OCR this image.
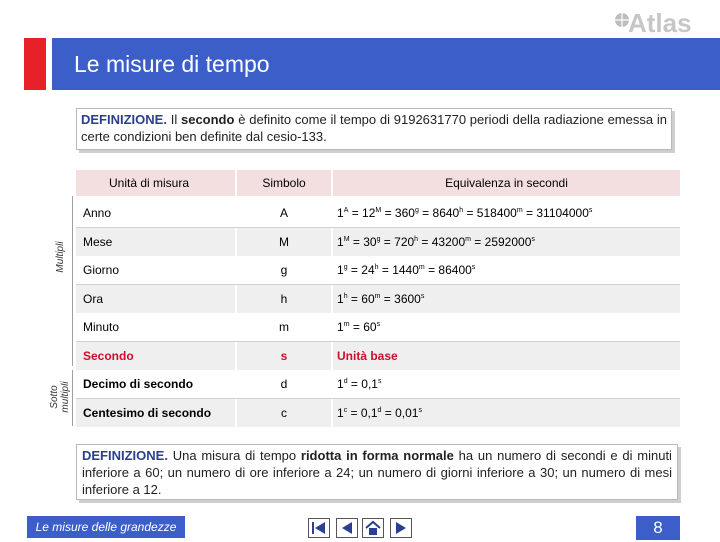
Atlas
Le misure di tempo
DEFINIZIONE. Il secondo è definito come il tempo di 9192631770 periodi della radiazione emessa in certe condizioni ben definite dal cesio-133.
Multipli
Sotto multipli
Unità di misura	Simbolo	Equivalenza in secondi
Anno	A	$1^A = 12^M = 360^g = 8640^h = 518400^m = 31104000^s$
Mese	M	$1^M = 30^g = 720^h = 43200^m = 2592000^s$
Giorno	g	$1^g = 24^h = 1440^m = 86400^s$
Ora	h	$1^h = 60^m = 3600^s$
Minuto	m	$1^m = 60^s$
Secondo	s	Unità base
Decimo di secondo	d	$1^d = 0,1^s$
Centesimo di secondo	c	$1^c = 0,1^d = 0,01^s$
DEFINIZIONE. Una misura di tempo ridotta in forma normale ha un numero di secondi e di minuti inferiore a 60; un numero di ore inferiore a 24; un numero di giorni inferiore a 30; un numero di mesi inferiore a 12.
Le misure delle grandezze	8
